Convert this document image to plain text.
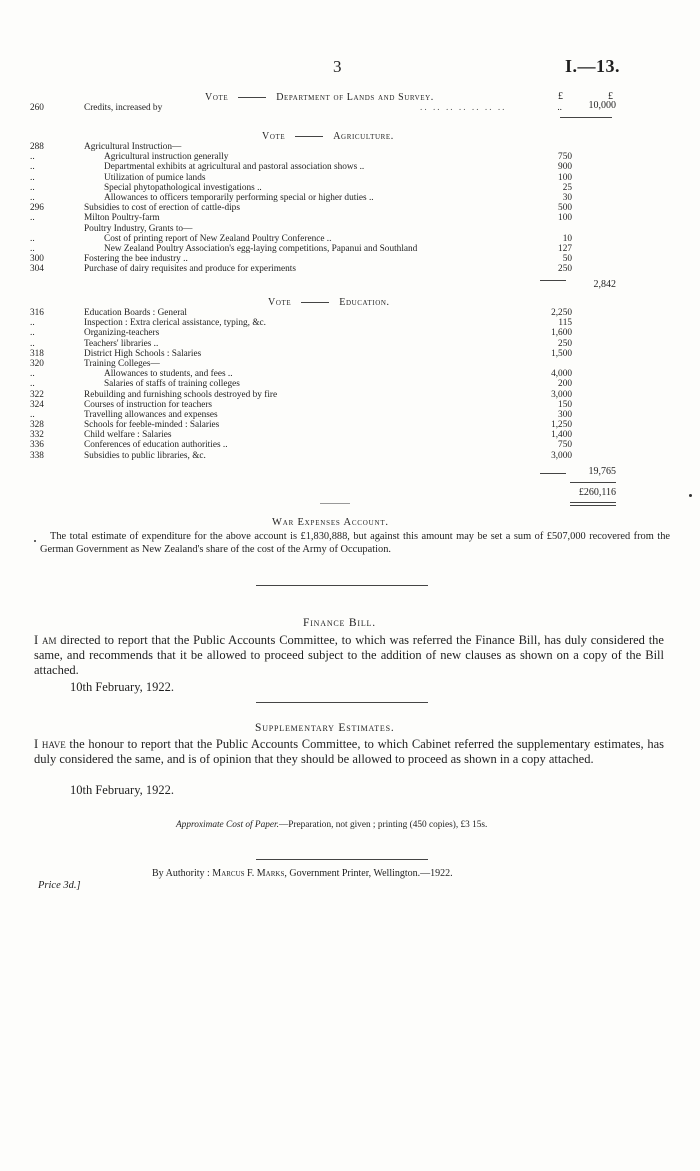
3	I.—13.
Vote	Department of Lands and Survey.	£	£
260	Credits, increased by	.. .. .. .. .. .. ..	..	10,000
Vote	Agriculture.
288	Agricultural Instruction—
..	Agricultural instruction generally	750
..	Departmental exhibits at agricultural and pastoral association shows ..	900
..	Utilization of pumice lands	100
..	Special phytopathological investigations ..	25
..	Allowances to officers temporarily performing special or higher duties ..	30
296	Subsidies to cost of erection of cattle-dips	500
..	Milton Poultry-farm	100
Poultry Industry, Grants to—
..	Cost of printing report of New Zealand Poultry Conference ..	10
..	New Zealand Poultry Association's egg-laying competitions, Papanui and Southland	127
300	Fostering the bee industry ..	50
304	Purchase of dairy requisites and produce for experiments	250
2,842
Vote	Education.
316	Education Boards : General	2,250
..	Inspection : Extra clerical assistance, typing, &c.	115
..	Organizing-teachers	1,600
..	Teachers' libraries ..	250
318	District High Schools : Salaries	1,500
320	Training Colleges—
..	Allowances to students, and fees ..	4,000
..	Salaries of staffs of training colleges	200
322	Rebuilding and furnishing schools destroyed by fire	3,000
324	Courses of instruction for teachers	150
..	Travelling allowances and expenses	300
328	Schools for feeble-minded : Salaries	1,250
332	Child welfare : Salaries	1,400
336	Conferences of education authorities ..	750
338	Subsidies to public libraries, &c.	3,000
19,765
£260,116
War Expenses Account.
The total estimate of expenditure for the above account is £1,830,888, but against this amount may be set a sum of £507,000 recovered from the German Government as New Zealand's share of the cost of the Army of Occupation.
Finance Bill.
I am directed to report that the Public Accounts Committee, to which was referred the Finance Bill, has duly considered the same, and recommends that it be allowed to proceed subject to the addition of new clauses as shown on a copy of the Bill attached.
10th February, 1922.
Supplementary Estimates.
I have the honour to report that the Public Accounts Committee, to which Cabinet referred the supplementary estimates, has duly considered the same, and is of opinion that they should be allowed to proceed as shown in a copy attached.
10th February, 1922.
Approximate Cost of Paper.—Preparation, not given ; printing (450 copies), £3 15s.
By Authority : Marcus F. Marks, Government Printer, Wellington.—1922.
Price 3d.]
